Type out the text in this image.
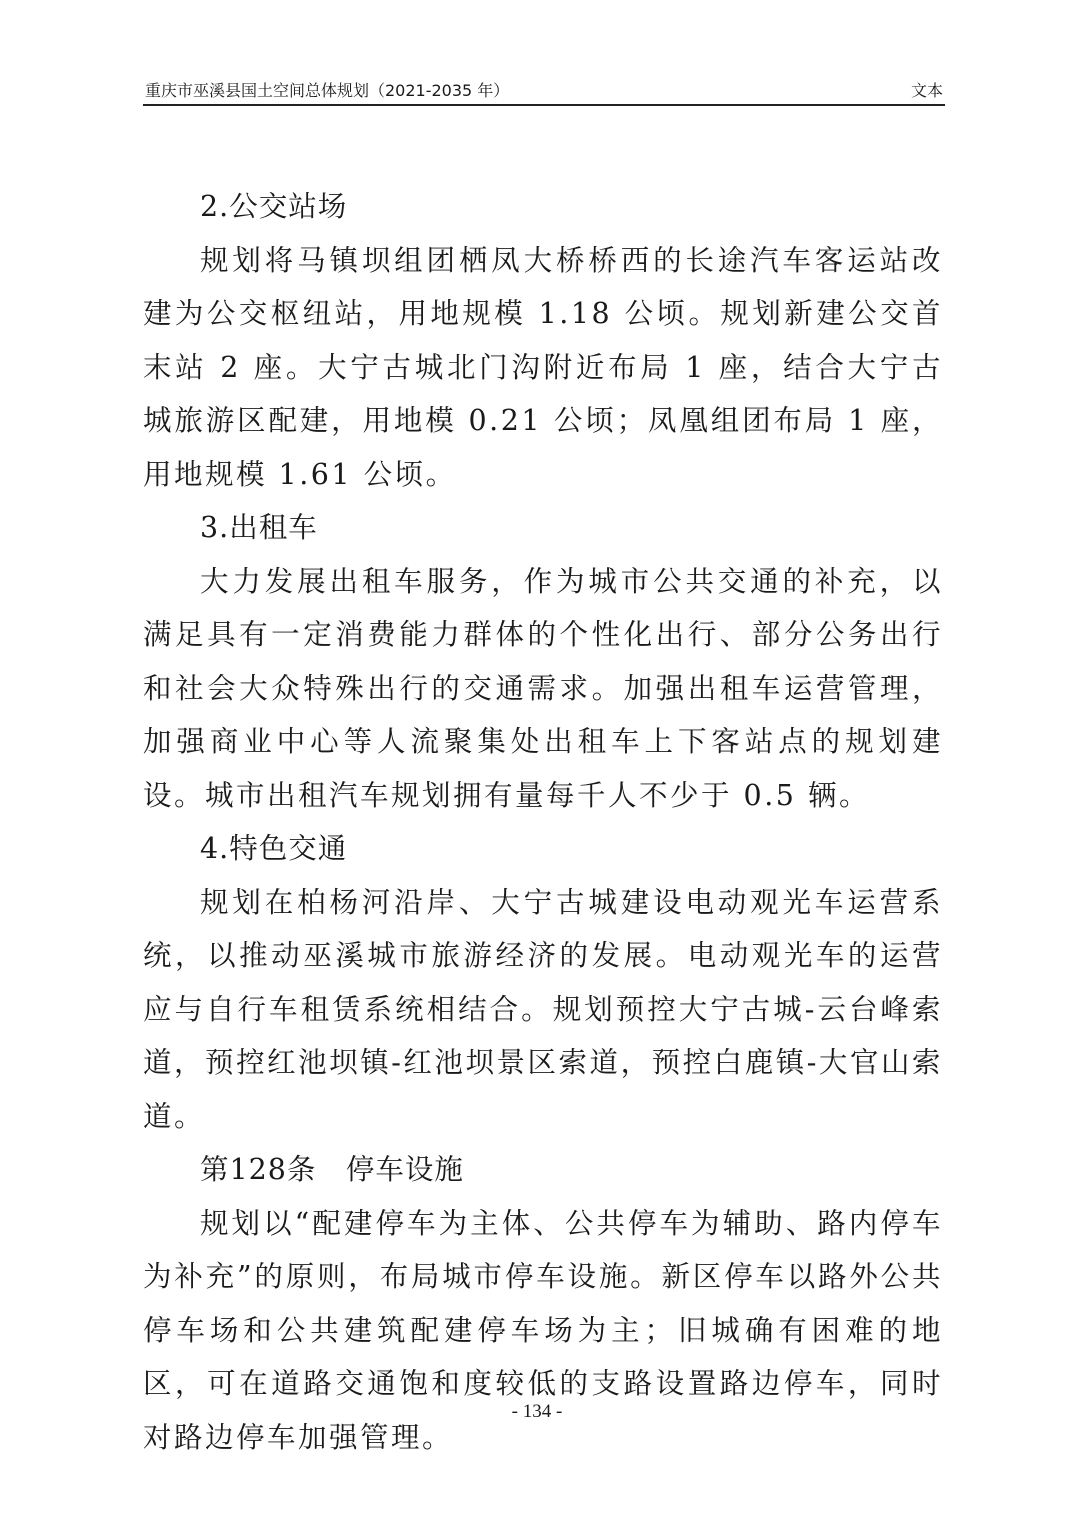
重庆市巫溪县国土空间总体规划（2021-2035 年）	文本
2.公交站场
规划将马镇坝组团栖凤大桥桥西的长途汽车客运站改建为公交枢纽站，用地规模 1.18 公顷。规划新建公交首末站 2 座。大宁古城北门沟附近布局 1 座，结合大宁古城旅游区配建，用地模 0.21 公顷；凤凰组团布局 1 座，用地规模 1.61 公顷。
3.出租车
大力发展出租车服务，作为城市公共交通的补充，以满足具有一定消费能力群体的个性化出行、部分公务出行和社会大众特殊出行的交通需求。加强出租车运营管理，加强商业中心等人流聚集处出租车上下客站点的规划建设。城市出租汽车规划拥有量每千人不少于 0.5 辆。
4.特色交通
规划在柏杨河沿岸、大宁古城建设电动观光车运营系统，以推动巫溪城市旅游经济的发展。电动观光车的运营应与自行车租赁系统相结合。规划预控大宁古城-云台峰索道，预控红池坝镇-红池坝景区索道，预控白鹿镇-大官山索道。
第128条　停车设施
规划以“配建停车为主体、公共停车为辅助、路内停车为补充”的原则，布局城市停车设施。新区停车以路外公共停车场和公共建筑配建停车场为主；旧城确有困难的地区，可在道路交通饱和度较低的支路设置路边停车，同时对路边停车加强管理。
- 134 -
